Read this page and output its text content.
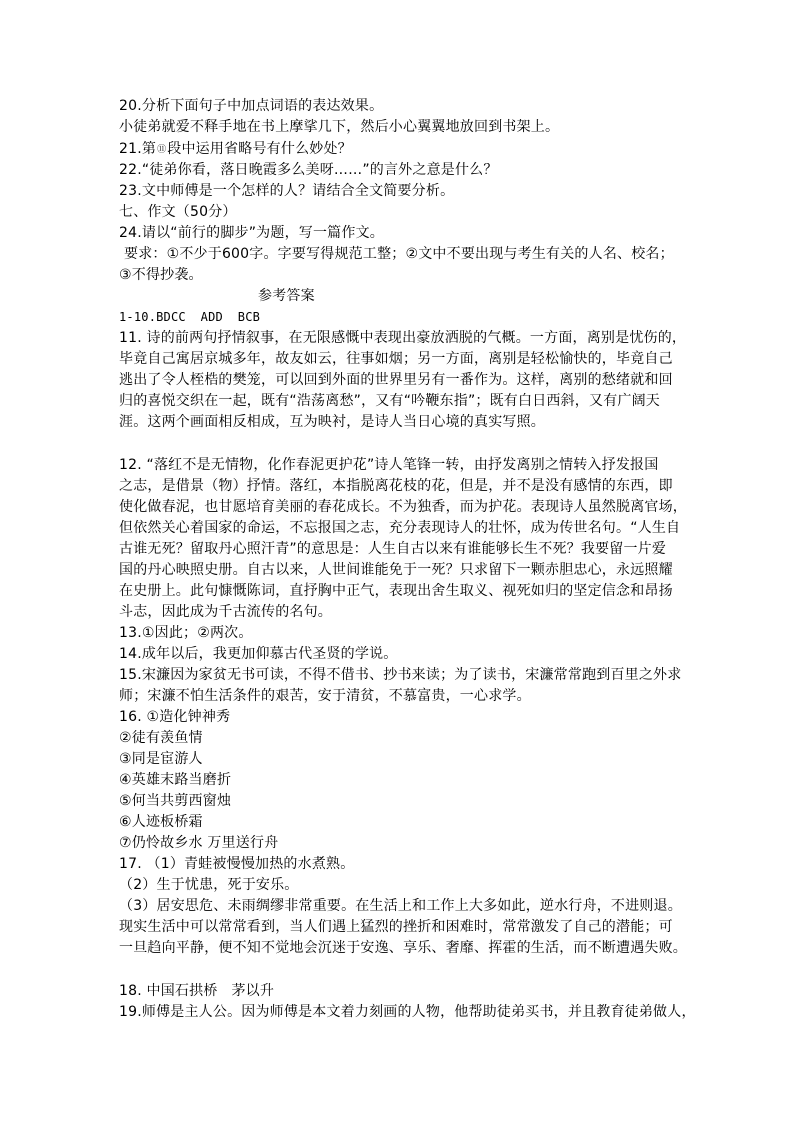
20.分析下面句子中加点词语的表达效果。
小徒弟就爱不释手地在书上摩挲几下，然后小心翼翼地放回到书架上。
21.第⑪段中运用省略号有什么妙处？
22.“徒弟你看，落日晚霞多么美呀……”的言外之意是什么？
23.文中师傅是一个怎样的人？请结合全文简要分析。
七、作文（50分）
24.请以“前行的脚步”为题，写一篇作文。
要求：①不少于600字。字要写得规范工整；②文中不要出现与考生有关的人名、校名；
③不得抄袭。
参考答案
1-10.BDCC  ADD  BCB
11. 诗的前两句抒情叙事，在无限感慨中表现出豪放洒脱的气概。一方面，离别是忧伤的，
毕竟自己寓居京城多年，故友如云，往事如烟；另一方面，离别是轻松愉快的，毕竟自己
逃出了令人桎梏的樊笼，可以回到外面的世界里另有一番作为。这样，离别的愁绪就和回
归的喜悦交织在一起，既有“浩荡离愁”，又有“吟鞭东指”；既有白日西斜，又有广阔天
涯。这两个画面相反相成，互为映衬，是诗人当日心境的真实写照。
12. “落红不是无情物，化作春泥更护花”诗人笔锋一转，由抒发离别之情转入抒发报国
之志，是借景（物）抒情。落红，本指脱离花枝的花，但是，并不是没有感情的东西，即
使化做春泥，也甘愿培育美丽的春花成长。不为独香，而为护花。表现诗人虽然脱离官场，
但依然关心着国家的命运，不忘报国之志，充分表现诗人的壮怀，成为传世名句。“人生自
古谁无死？留取丹心照汗青”的意思是：人生自古以来有谁能够长生不死？我要留一片爱
国的丹心映照史册。自古以来，人世间谁能免于一死？只求留下一颗赤胆忠心，永远照耀
在史册上。此句慷慨陈词，直抒胸中正气，表现出舍生取义、视死如归的坚定信念和昂扬
斗志，因此成为千古流传的名句。
13.①因此；②两次。
14.成年以后，我更加仰慕古代圣贤的学说。
15.宋濂因为家贫无书可读，不得不借书、抄书来读；为了读书，宋濂常常跑到百里之外求
师；宋濂不怕生活条件的艰苦，安于清贫，不慕富贵，一心求学。
16. ①造化钟神秀
②徒有羡鱼情
③同是宦游人
④英雄末路当磨折
⑤何当共剪西窗烛
⑥人迹板桥霜
⑦仍怜故乡水 万里送行舟
17. （1）青蛙被慢慢加热的水煮熟。
（2）生于忧患，死于安乐。
（3）居安思危、未雨绸缪非常重要。在生活上和工作上大多如此，逆水行舟，不进则退。
现实生活中可以常常看到，当人们遇上猛烈的挫折和困难时，常常激发了自己的潜能；可
一旦趋向平静，便不知不觉地会沉迷于安逸、享乐、奢靡、挥霍的生活，而不断遭遇失败。
18. 中国石拱桥   茅以升
19.师傅是主人公。因为师傅是本文着力刻画的人物，他帮助徒弟买书，并且教育徒弟做人，
